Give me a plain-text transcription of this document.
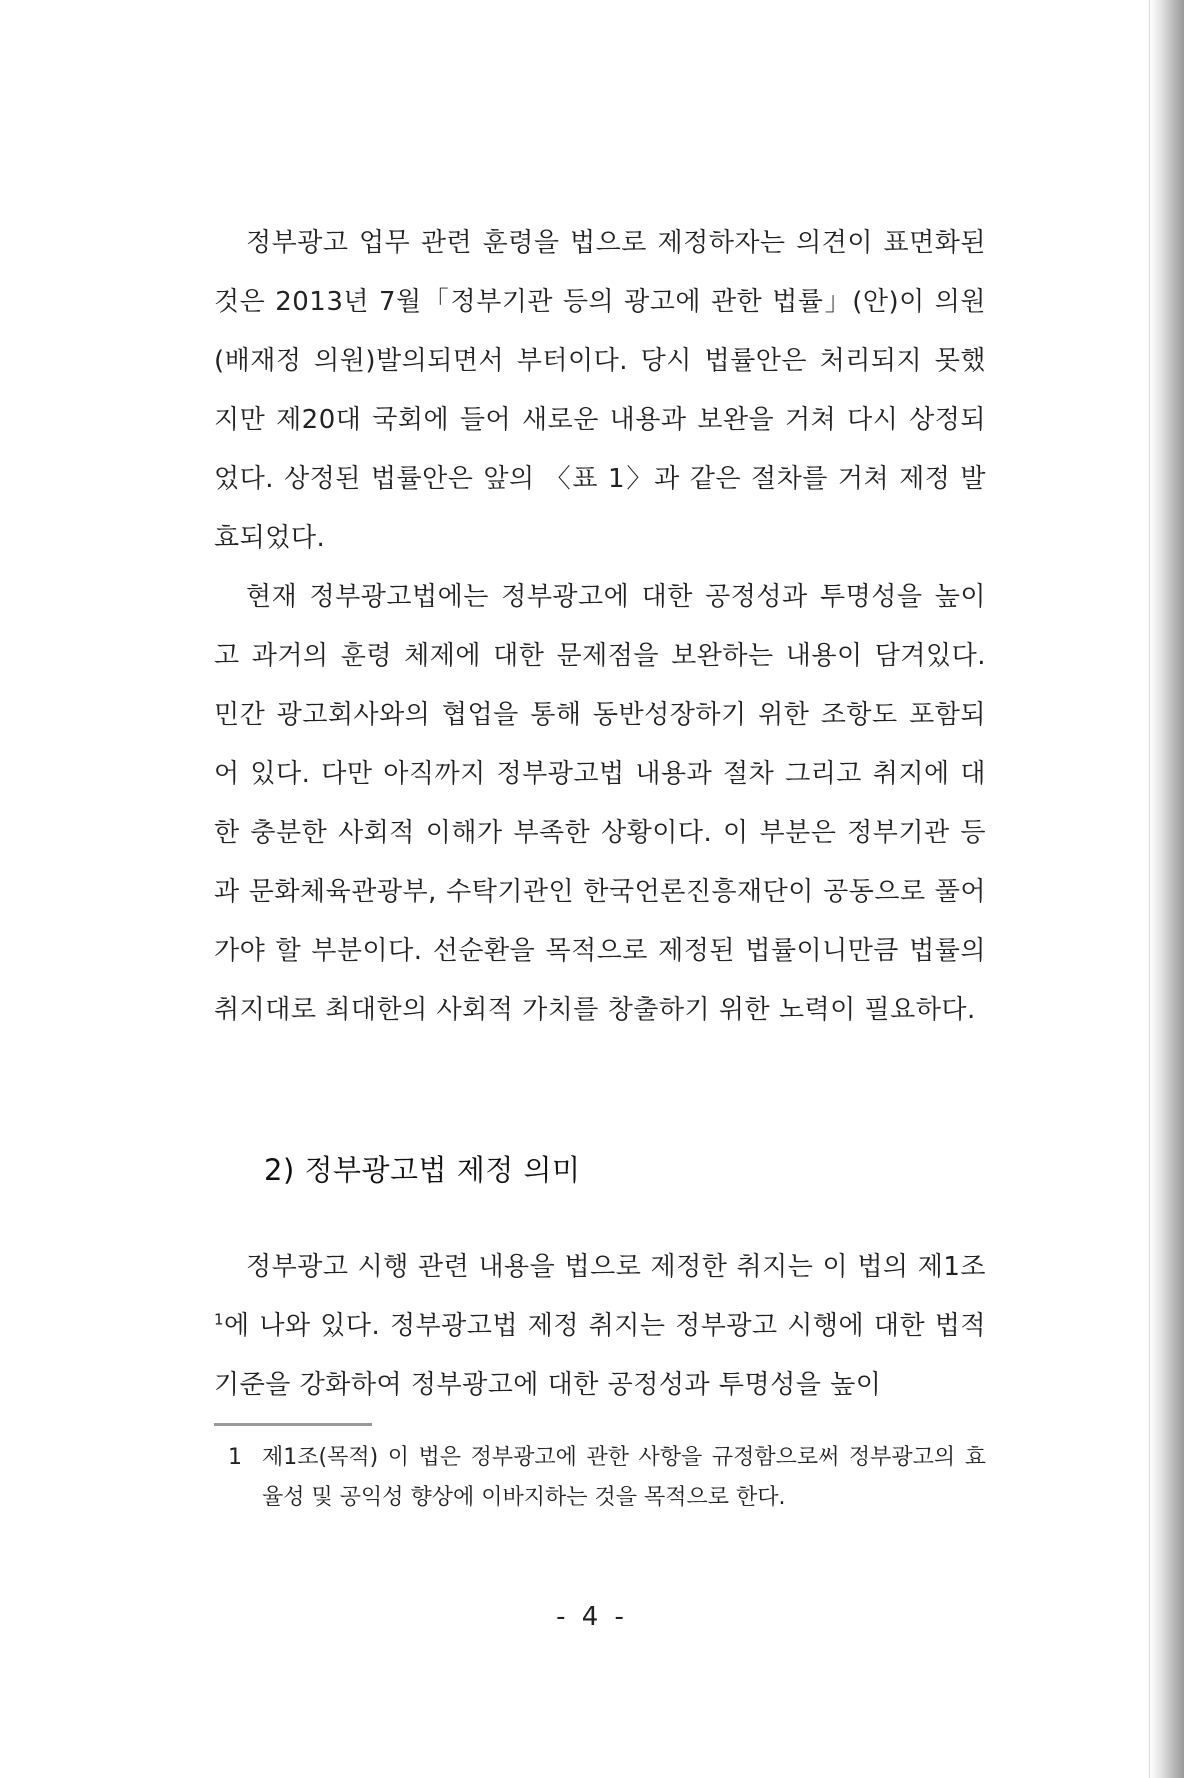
정부광고 업무 관련 훈령을 법으로 제정하자는 의견이 표면화된 것은 2013년 7월「정부기관 등의 광고에 관한 법률」(안)이 의원(배재정 의원)발의되면서 부터이다. 당시 법률안은 처리되지 못했지만 제20대 국회에 들어 새로운 내용과 보완을 거쳐 다시 상정되었다. 상정된 법률안은 앞의 〈표 1〉과 같은 절차를 거쳐 제정 발효되었다.

현재 정부광고법에는 정부광고에 대한 공정성과 투명성을 높이고 과거의 훈령 체제에 대한 문제점을 보완하는 내용이 담겨있다. 민간 광고회사와의 협업을 통해 동반성장하기 위한 조항도 포함되어 있다. 다만 아직까지 정부광고법 내용과 절차 그리고 취지에 대한 충분한 사회적 이해가 부족한 상황이다. 이 부분은 정부기관 등과 문화체육관광부, 수탁기관인 한국언론진흥재단이 공동으로 풀어가야 할 부분이다. 선순환을 목적으로 제정된 법률이니만큼 법률의 취지대로 최대한의 사회적 가치를 창출하기 위한 노력이 필요하다.

2) 정부광고법 제정 의미

정부광고 시행 관련 내용을 법으로 제정한 취지는 이 법의 제1조$^1$에 나와 있다. 정부광고법 제정 취지는 정부광고 시행에 대한 법적 기준을 강화하여 정부광고에 대한 공정성과 투명성을 높이

1 제1조(목적) 이 법은 정부광고에 관한 사항을 규정함으로써 정부광고의 효율성 및 공익성 향상에 이바지하는 것을 목적으로 한다.

- 4 -
